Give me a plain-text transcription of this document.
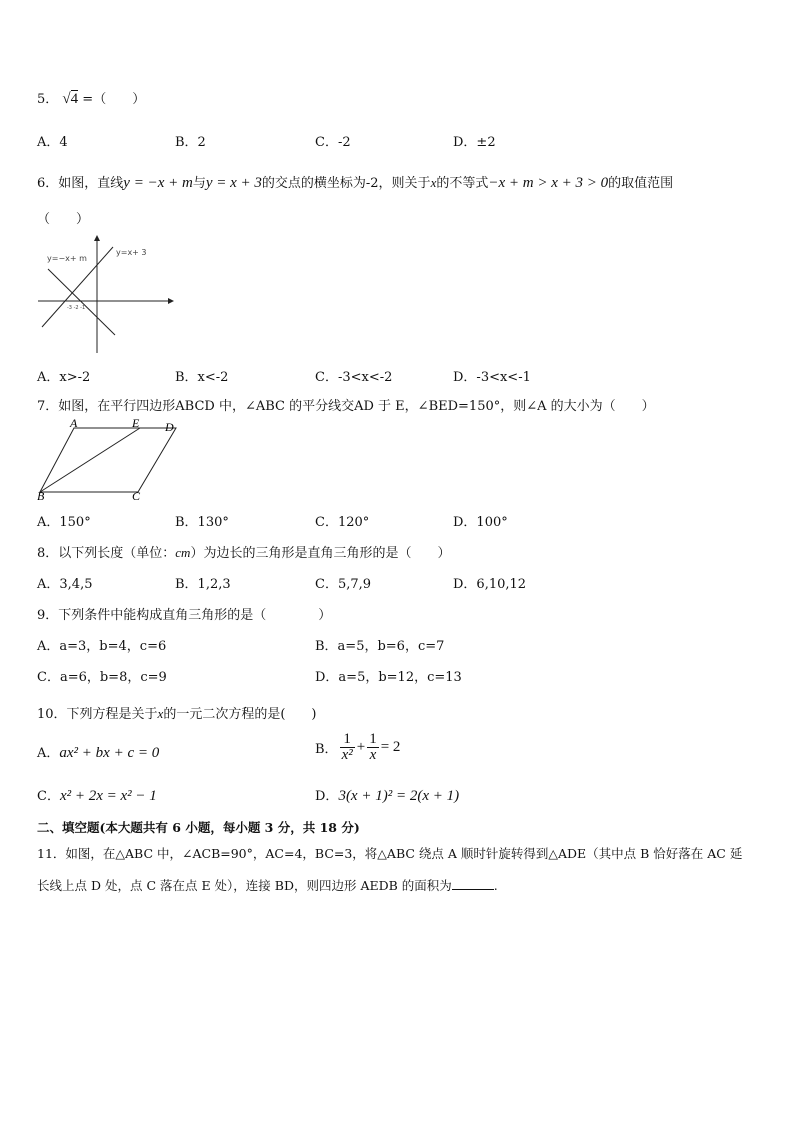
5． √4 =（　　）
A．4	B．2	C．-2	D．±2
6．如图，直线y = −x + m与y = x + 3的交点的横坐标为-2，则关于x的不等式−x + m > x + 3 > 0的取值范围
（　　）
y=−x+ m
y=x+ 3
-3 -2 -1
A．x>-2	B．x<-2	C．-3<x<-2	D．-3<x<-1
7．如图，在平行四边形ABCD 中，∠ABC 的平分线交AD 于 E，∠BED=150°，则∠A 的大小为（　　）
A	E D
B	C
A．150°	B．130°	C．120°	D．100°
8．以下列长度（单位：cm）为边长的三角形是直角三角形的是（　　）
A．3,4,5	B．1,2,3	C．5,7,9	D．6,10,12
9．下列条件中能构成直角三角形的是（　　　　）
A．a=3，b=4，c=6	B．a=5，b=6，c=7
C．a=6，b=8，c=9	D．a=5，b=12，c=13
10．下列方程是关于x的一元二次方程的是(　　)
A．ax² + bx + c = 0	B． $\frac{1}{\text{x²}} + \frac{1}{x} = 2$
C．x² + 2x = x² − 1	D．3(x + 1)² = 2(x + 1)
二、填空题(本大题共有 6 小题，每小题 3 分，共 18 分)
11．如图，在△ABC 中，∠ACB=90°，AC=4，BC=3，将△ABC 绕点 A 顺时针旋转得到△ADE（其中点 B 恰好落在 AC 延
长线上点 D 处，点 C 落在点 E 处），连接 BD，则四边形 AEDB 的面积为	.
